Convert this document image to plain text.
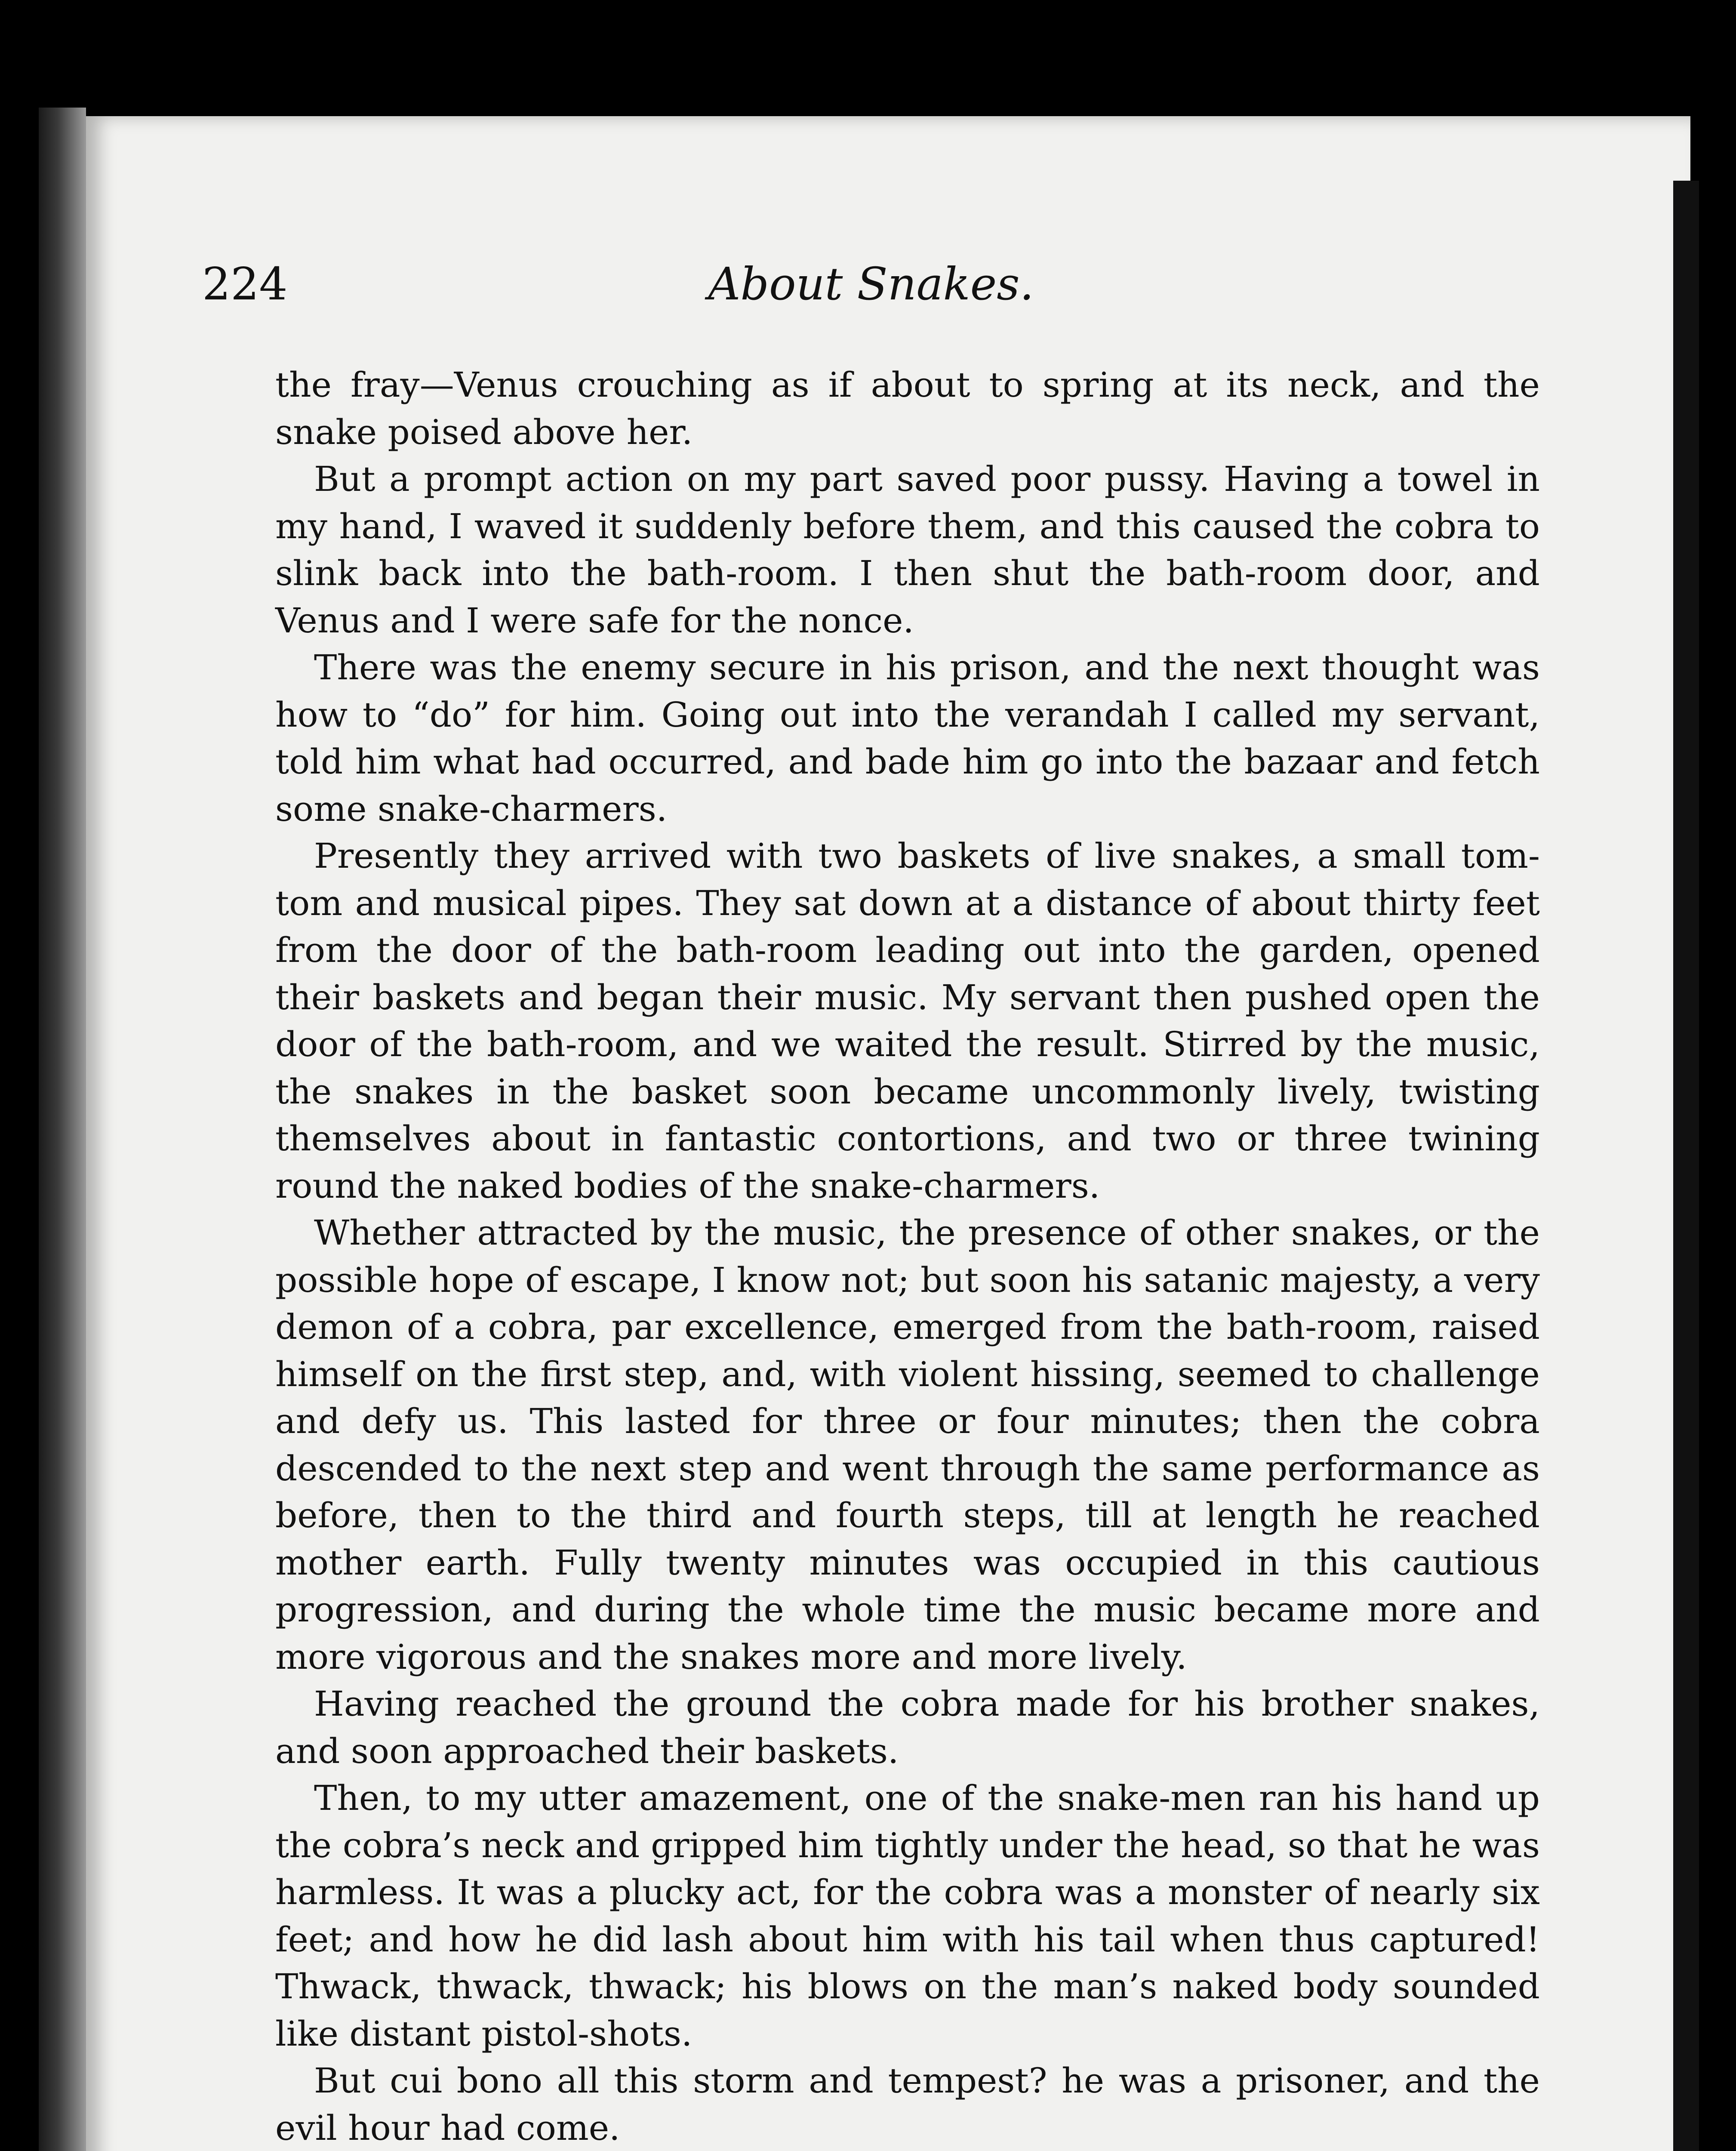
224	About Snakes.

the fray—Venus crouching as if about to spring at its neck, and the snake poised above her.

But a prompt action on my part saved poor pussy. Having a towel in my hand, I waved it suddenly before them, and this caused the cobra to slink back into the bath-room. I then shut the bath-room door, and Venus and I were safe for the nonce.

There was the enemy secure in his prison, and the next thought was how to “do” for him. Going out into the verandah I called my servant, told him what had occurred, and bade him go into the bazaar and fetch some snake-charmers.

Presently they arrived with two baskets of live snakes, a small tom-tom and musical pipes. They sat down at a distance of about thirty feet from the door of the bath-room leading out into the garden, opened their baskets and began their music. My servant then pushed open the door of the bath-room, and we waited the result. Stirred by the music, the snakes in the basket soon became uncommonly lively, twisting themselves about in fantastic contortions, and two or three twining round the naked bodies of the snake-charmers.

Whether attracted by the music, the presence of other snakes, or the possible hope of escape, I know not; but soon his satanic majesty, a very demon of a cobra, par excellence, emerged from the bath-room, raised himself on the first step, and, with violent hissing, seemed to challenge and defy us. This lasted for three or four minutes; then the cobra descended to the next step and went through the same performance as before, then to the third and fourth steps, till at length he reached mother earth. Fully twenty minutes was occupied in this cautious progression, and during the whole time the music became more and more vigorous and the snakes more and more lively.

Having reached the ground the cobra made for his brother snakes, and soon approached their baskets.

Then, to my utter amazement, one of the snake-men ran his hand up the cobra’s neck and gripped him tightly under the head, so that he was harmless. It was a plucky act, for the cobra was a monster of nearly six feet; and how he did lash about him with his tail when thus captured! Thwack, thwack, thwack; his blows on the man’s naked body sounded like distant pistol-shots.

But cui bono all this storm and tempest? he was a prisoner, and the evil hour had come.
